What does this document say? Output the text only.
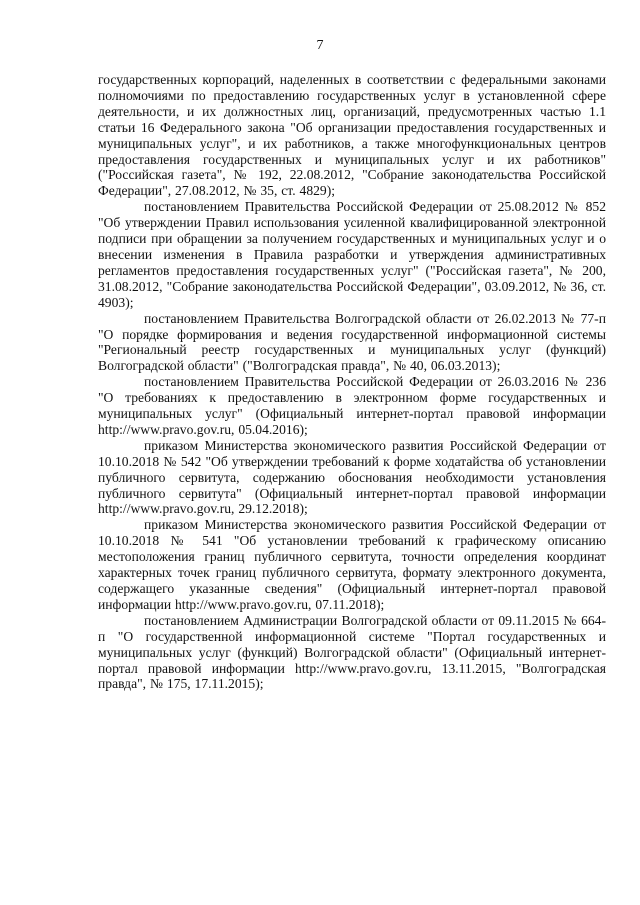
7

государственных корпораций, наделенных в соответствии с федеральными законами полномочиями по предоставлению государственных услуг в установленной сфере деятельности, и их должностных лиц, организаций, предусмотренных частью 1.1 статьи 16 Федерального закона "Об организации предоставления государственных и муниципальных услуг", и их работников, а также многофункциональных центров предоставления государственных и муниципальных услуг и их работников" ("Российская газета", № 192, 22.08.2012, "Собрание законодательства Российской Федерации", 27.08.2012, № 35, ст. 4829);

постановлением Правительства Российской Федерации от 25.08.2012 № 852 "Об утверждении Правил использования усиленной квалифицированной электронной подписи при обращении за получением государственных и муниципальных услуг и о внесении изменения в Правила разработки и утверждения административных регламентов предоставления государственных услуг" ("Российская газета", № 200, 31.08.2012, "Собрание законодательства Российской Федерации", 03.09.2012, № 36, ст. 4903);

постановлением Правительства Волгоградской области от 26.02.2013 № 77-п "О порядке формирования и ведения государственной информационной системы "Региональный реестр государственных и муниципальных услуг (функций) Волгоградской области" ("Волгоградская правда", № 40, 06.03.2013);

постановлением Правительства Российской Федерации от 26.03.2016 № 236 "О требованиях к предоставлению в электронном форме государственных и муниципальных услуг" (Официальный интернет-портал правовой информации http://www.pravo.gov.ru, 05.04.2016);

приказом Министерства экономического развития Российской Федерации от 10.10.2018 № 542 "Об утверждении требований к форме ходатайства об установлении публичного сервитута, содержанию обоснования необходимости установления публичного сервитута" (Официальный интернет-портал правовой информации http://www.pravo.gov.ru, 29.12.2018);

приказом Министерства экономического развития Российской Федерации от 10.10.2018 № 541 "Об установлении требований к графическому описанию местоположения границ публичного сервитута, точности определения координат характерных точек границ публичного сервитута, формату электронного документа, содержащего указанные сведения" (Официальный интернет-портал правовой информации http://www.pravo.gov.ru, 07.11.2018);

постановлением Администрации Волгоградской области от 09.11.2015 № 664-п "О государственной информационной системе "Портал государственных и муниципальных услуг (функций) Волгоградской области" (Официальный интернет-портал правовой информации http://www.pravo.gov.ru, 13.11.2015, "Волгоградская правда", № 175, 17.11.2015);
